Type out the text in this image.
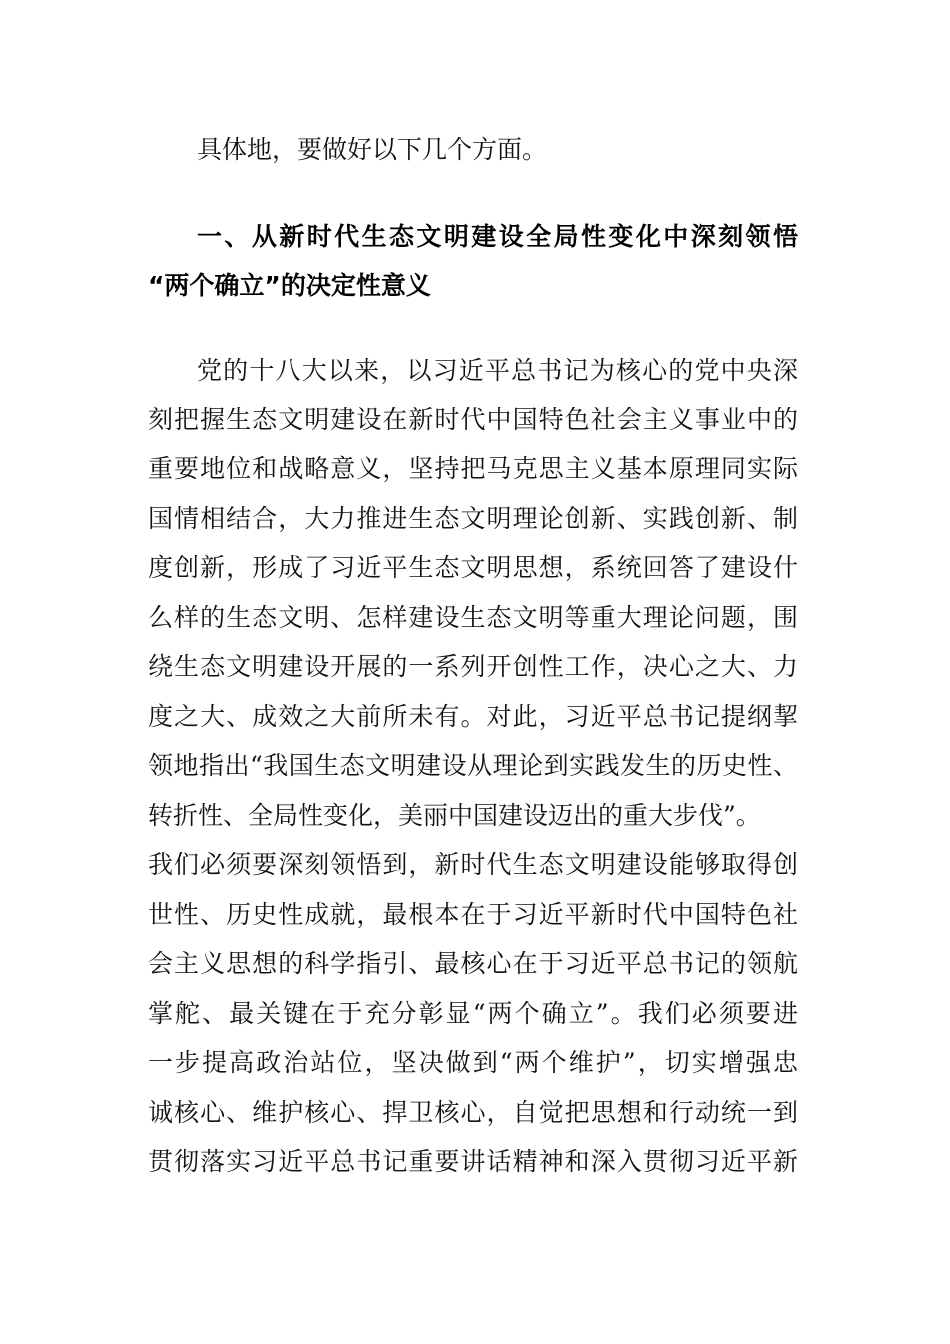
具体地，要做好以下几个方面。

一、从新时代生态文明建设全局性变化中深刻领悟

“两个确立”的决定性意义

党的十八大以来，以习近平总书记为核心的党中央深

刻把握生态文明建设在新时代中国特色社会主义事业中的

重要地位和战略意义，坚持把马克思主义基本原理同实际

国情相结合，大力推进生态文明理论创新、实践创新、制

度创新，形成了习近平生态文明思想，系统回答了建设什

么样的生态文明、怎样建设生态文明等重大理论问题，围

绕生态文明建设开展的一系列开创性工作，决心之大、力

度之大、成效之大前所未有。对此，习近平总书记提纲挈

领地指出“我国生态文明建设从理论到实践发生的历史性、

转折性、全局性变化，美丽中国建设迈出的重大步伐”。

我们必须要深刻领悟到，新时代生态文明建设能够取得创

世性、历史性成就，最根本在于习近平新时代中国特色社

会主义思想的科学指引、最核心在于习近平总书记的领航

掌舵、最关键在于充分彰显“两个确立”。我们必须要进

一步提高政治站位，坚决做到“两个维护”，切实增强忠

诚核心、维护核心、捍卫核心，自觉把思想和行动统一到

贯彻落实习近平总书记重要讲话精神和深入贯彻习近平新
